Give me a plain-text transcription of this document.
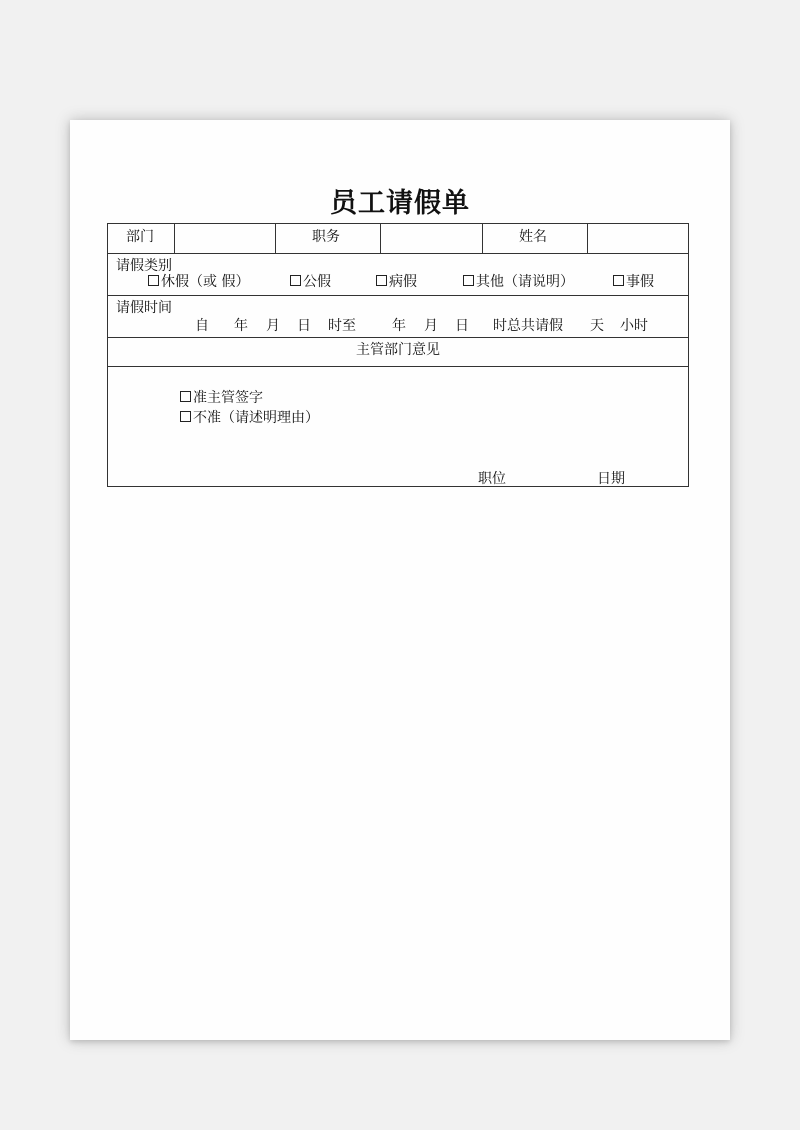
员工请假单
部门	职务	姓名
请假类别
休假（或 假）	公假	病假	其他（请说明）	事假
请假时间
自 年 月 日 时至	年 月 日 时总共请假 天 小时
主管部门意见
准主管签字
不准（请述明理由）
职位	日期
